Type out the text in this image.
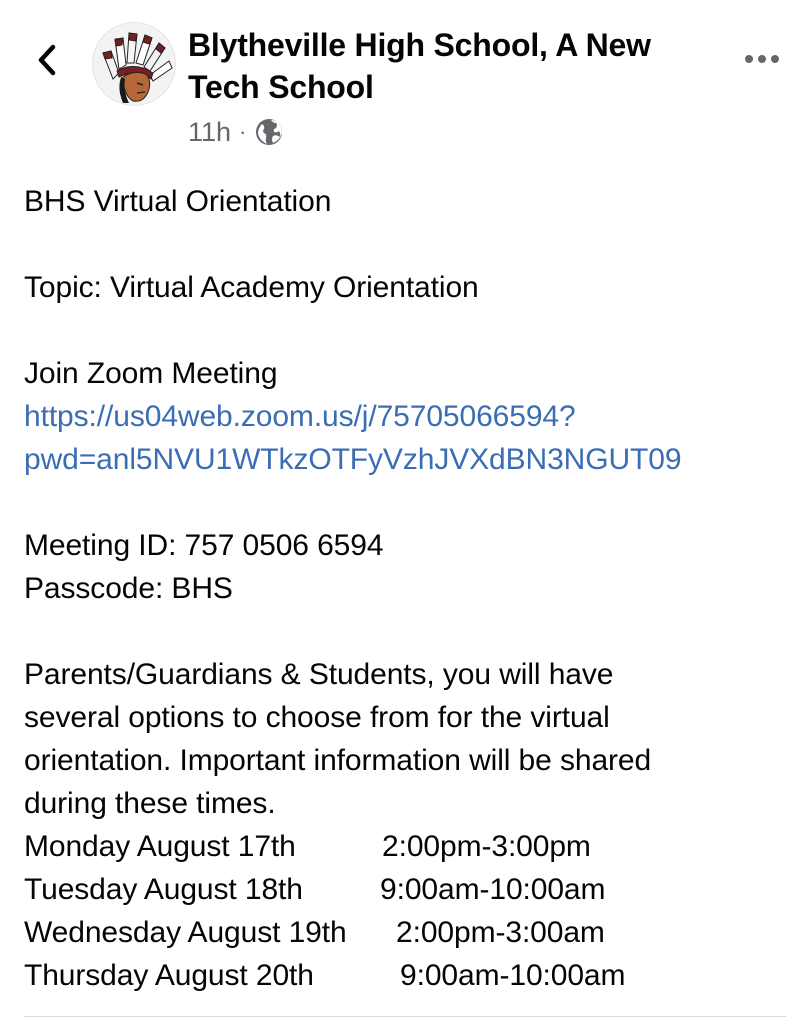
Blytheville High School, A New
Tech School
11h ·

BHS Virtual Orientation

Topic: Virtual Academy Orientation

Join Zoom Meeting

https://us04web.zoom.us/j/75705066594?

pwd=anl5NVU1WTkzOTFyVzhJVXdBN3NGUT09

Meeting ID: 757 0506 6594

Passcode: BHS

Parents/Guardians & Students, you will have

several options to choose from for the virtual

orientation. Important information will be shared

during these times.

Monday August 17th	2:00pm-3:00pm
Tuesday August 18th	9:00am-10:00am
Wednesday August 19th	2:00pm-3:00am
Thursday August 20th	9:00am-10:00am
